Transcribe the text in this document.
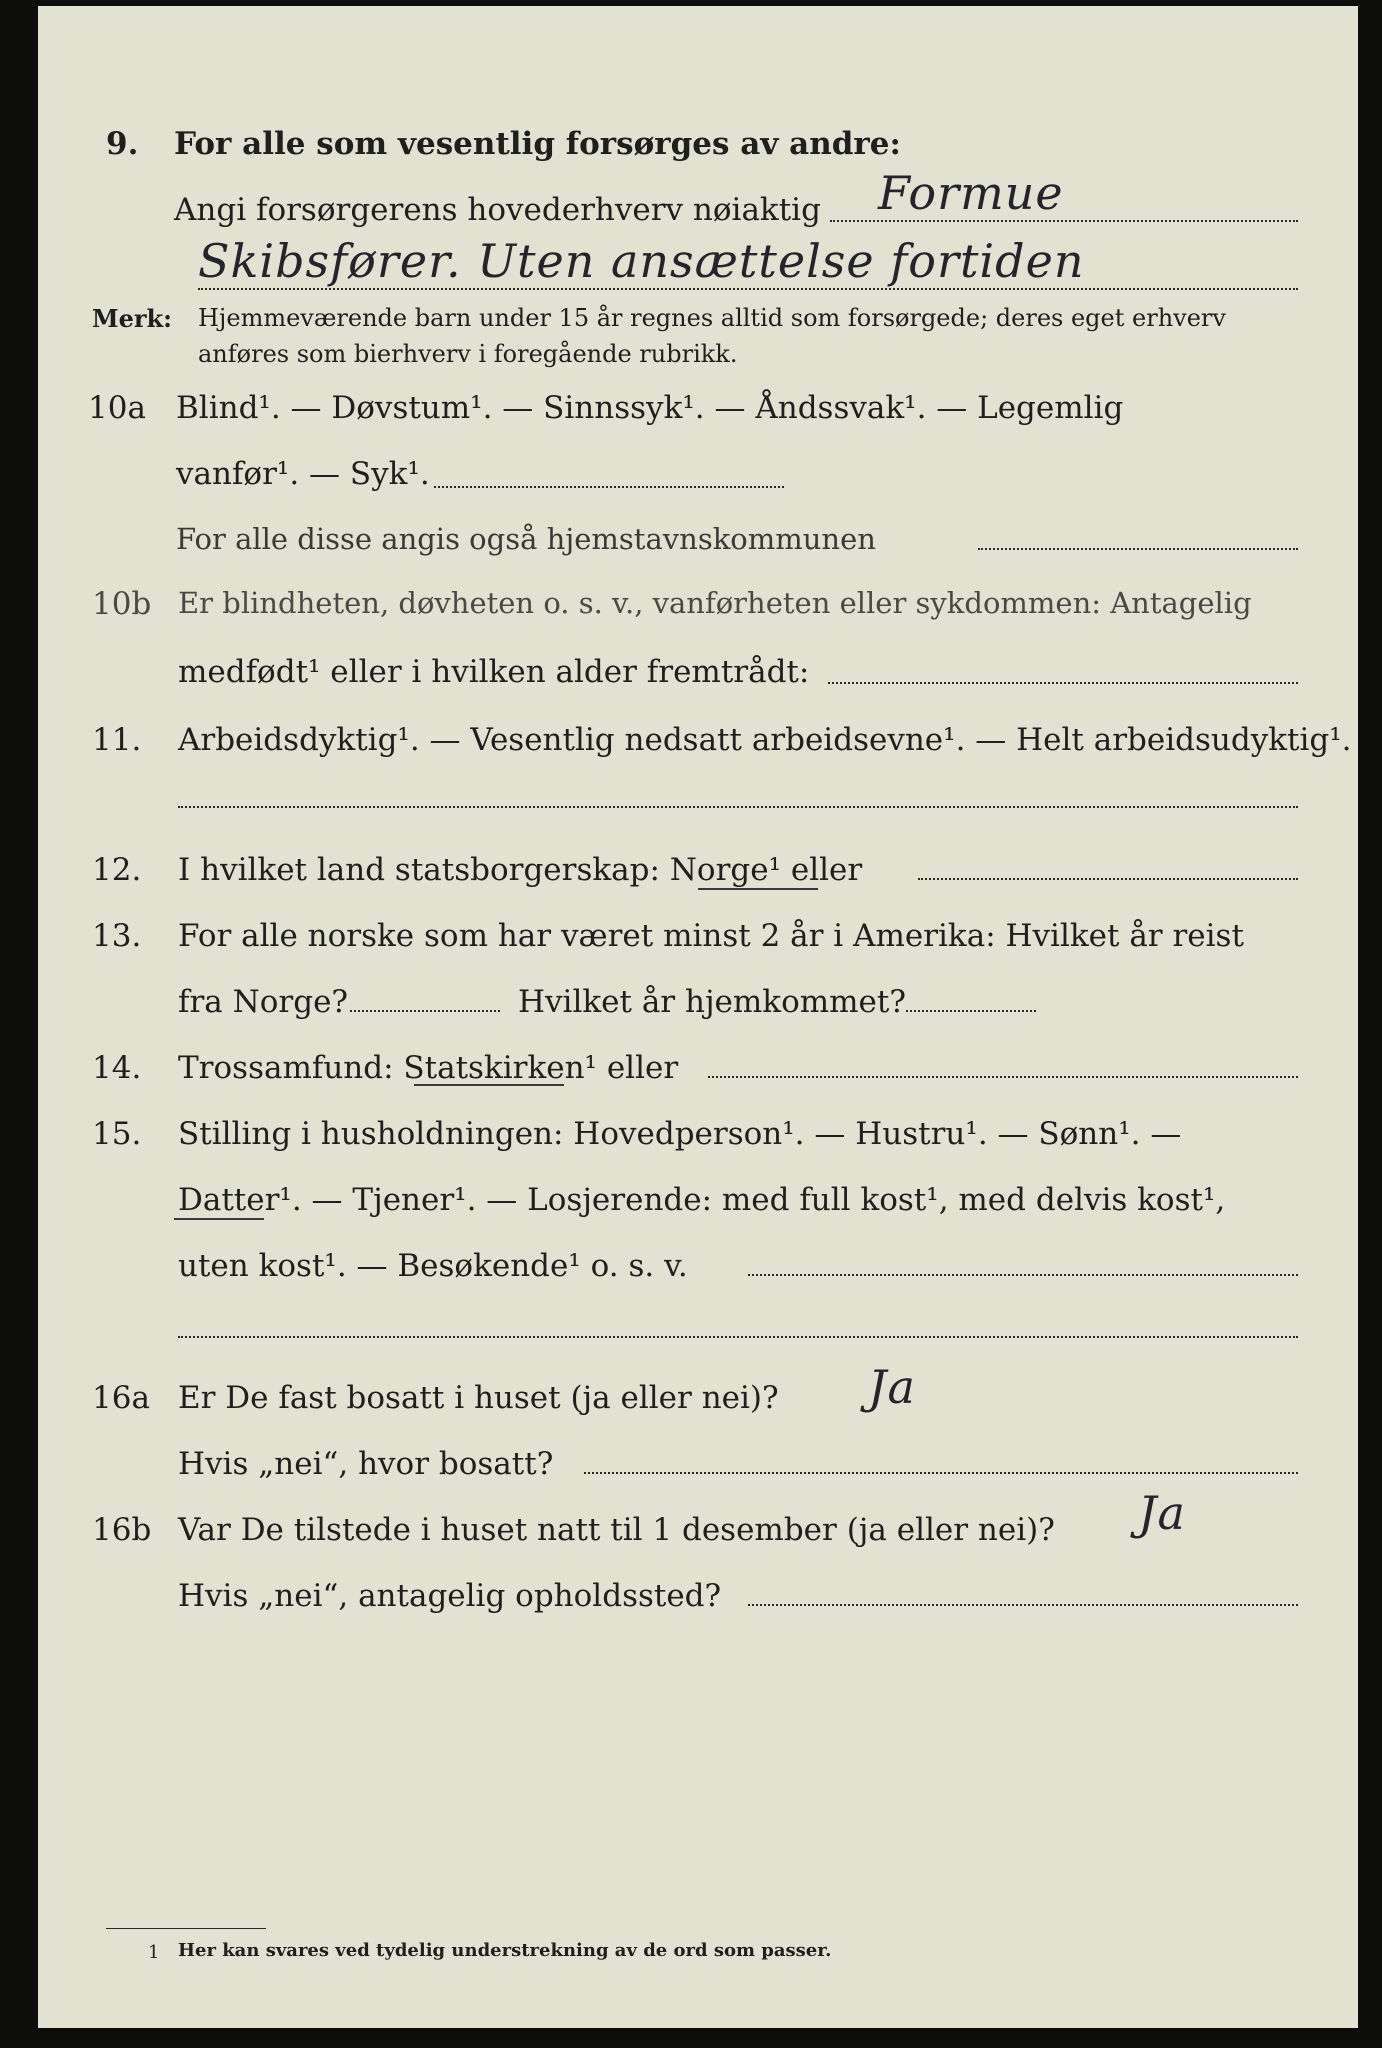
9. For alle som vesentlig forsørges av andre:
Angi forsørgerens hovederhverv nøiaktig Formue
Skibsfører. Uten ansættelse fortiden
Merk: Hjemmeværende barn under 15 år regnes alltid som forsørgede; deres eget erhverv
anføres som bierhverv i foregående rubrikk.
10a Blind¹. — Døvstum¹. — Sinnssyk¹. — Åndssvak¹. — Legemlig
vanfør¹. — Syk¹.
For alle disse angis også hjemstavnskommunen
10b Er blindheten, døvheten o. s. v., vanførheten eller sykdommen: Antagelig
medfødt¹ eller i hvilken alder fremtrådt:
11. Arbeidsdyktig¹. — Vesentlig nedsatt arbeidsevne¹. — Helt arbeidsudyktig¹.
12. I hvilket land statsborgerskap: Norge¹ eller
13. For alle norske som har været minst 2 år i Amerika: Hvilket år reist
fra Norge?	Hvilket år hjemkommet?
14. Trossamfund: Statskirken¹ eller
15. Stilling i husholdningen: Hovedperson¹. — Hustru¹. — Sønn¹. —
Datter¹. — Tjener¹. — Losjerende: med full kost¹, med delvis kost¹,
uten kost¹. — Besøkende¹ o. s. v.
16a Er De fast bosatt i huset (ja eller nei)? Ja
Hvis „nei“, hvor bosatt?
16b Var De tilstede i huset natt til 1 desember (ja eller nei)? Ja
Hvis „nei“, antagelig opholdssted?
1 Her kan svares ved tydelig understrekning av de ord som passer.
